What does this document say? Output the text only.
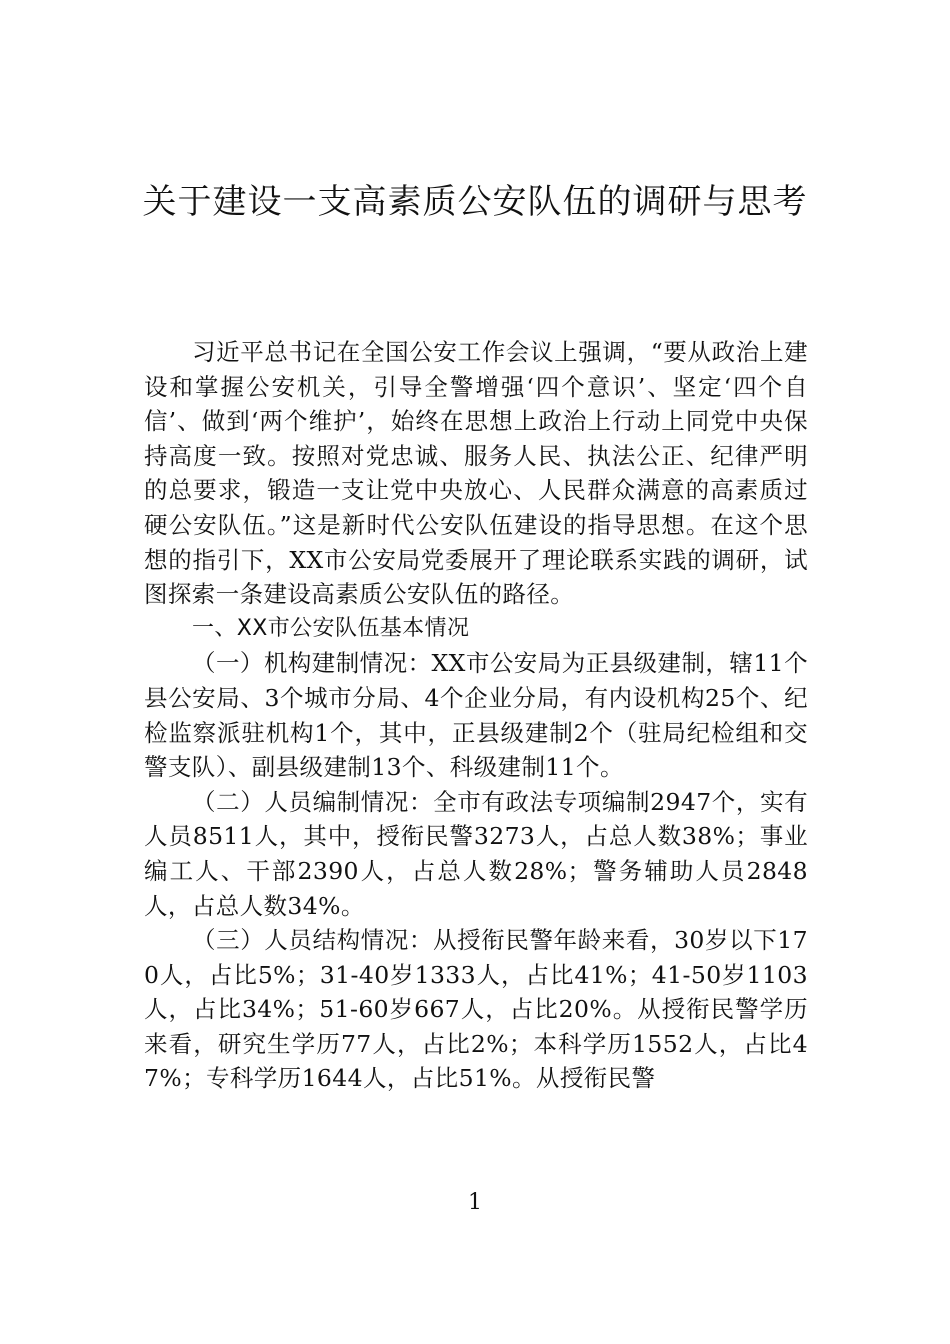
关于建设一支高素质公安队伍的调研与思考

习近平总书记在全国公安工作会议上强调，“要从政治上建设和掌握公安机关，引导全警增强‘四个意识’、坚定‘四个自信’、做到‘两个维护’，始终在思想上政治上行动上同党中央保持高度一致。按照对党忠诚、服务人民、执法公正、纪律严明的总要求，锻造一支让党中央放心、人民群众满意的高素质过硬公安队伍。”这是新时代公安队伍建设的指导思想。在这个思想的指引下，XX市公安局党委展开了理论联系实践的调研，试图探索一条建设高素质公安队伍的路径。

一、XX市公安队伍基本情况

（一）机构建制情况：XX市公安局为正县级建制，辖11个县公安局、3个城市分局、4个企业分局，有内设机构25个、纪检监察派驻机构1个，其中，正县级建制2个（驻局纪检组和交警支队）、副县级建制13个、科级建制11个。

（二）人员编制情况：全市有政法专项编制2947个，实有人员8511人，其中，授衔民警3273人，占总人数38%；事业编工人、干部2390人，占总人数28%；警务辅助人员2848人，占总人数34%。

（三）人员结构情况：从授衔民警年龄来看，30岁以下170人，占比5%；31-40岁1333人，占比41%；41-50岁1103人，占比34%；51-60岁667人，占比20%。从授衔民警学历来看，研究生学历77人，占比2%；本科学历1552人，占比47%；专科学历1644人，占比51%。从授衔民警

1
